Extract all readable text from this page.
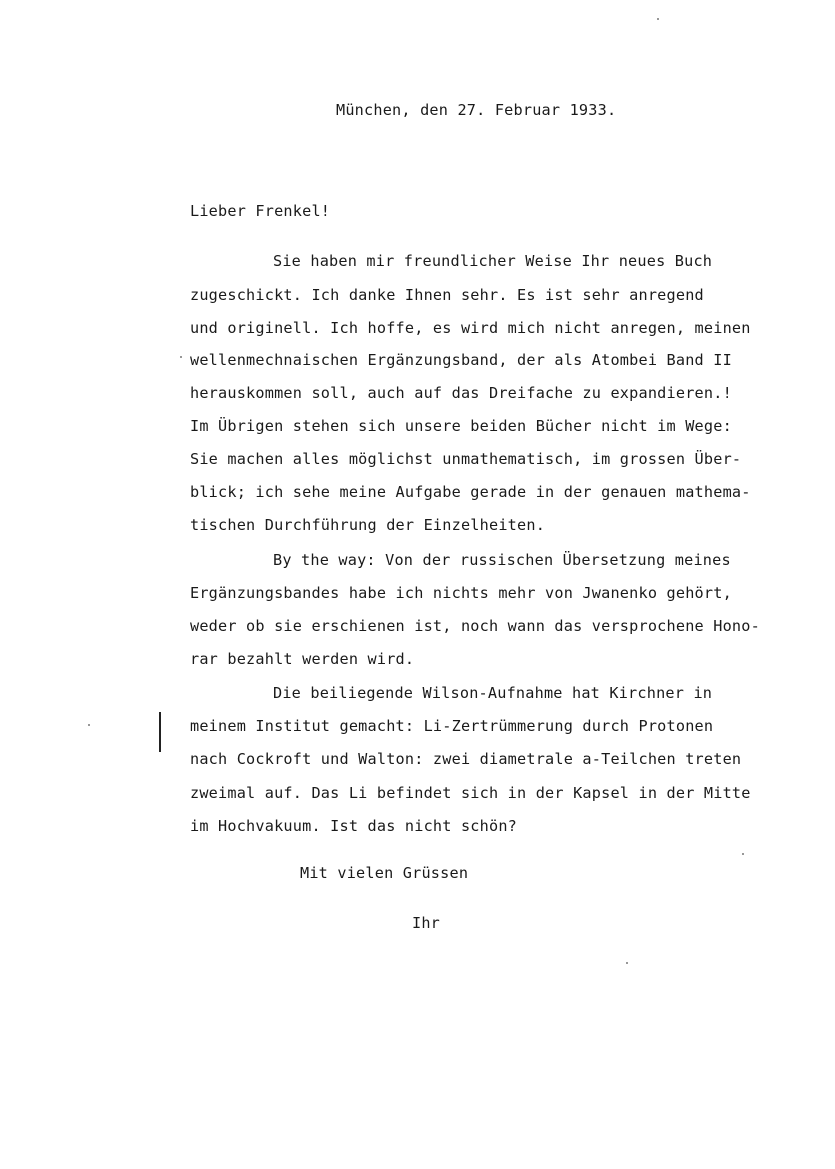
München, den 27. Februar 1933.
Lieber Frenkel!
Sie haben mir freundlicher Weise Ihr neues Buch
zugeschickt. Ich danke Ihnen sehr. Es ist sehr anregend
und originell. Ich hoffe, es wird mich nicht anregen, meinen
wellenmechnaischen Ergänzungsband, der als Atombei Band II
herauskommen soll, auch auf das Dreifache zu expandieren.!
Im Übrigen stehen sich unsere beiden Bücher nicht im Wege:
Sie machen alles möglichst unmathematisch, im grossen Über-
blick; ich sehe meine Aufgabe gerade in der genauen mathema-
tischen Durchführung der Einzelheiten.
By the way: Von der russischen Übersetzung meines
Ergänzungsbandes habe ich nichts mehr von Jwanenko gehört,
weder ob sie erschienen ist, noch wann das versprochene Hono-
rar bezahlt werden wird.
Die beiliegende Wilson-Aufnahme hat Kirchner in
meinem Institut gemacht: Li-Zertrümmerung durch Protonen
nach Cockroft und Walton: zwei diametrale a-Teilchen treten
zweimal auf. Das Li befindet sich in der Kapsel in der Mitte
im Hochvakuum. Ist das nicht schön?
Mit vielen Grüssen
Ihr
